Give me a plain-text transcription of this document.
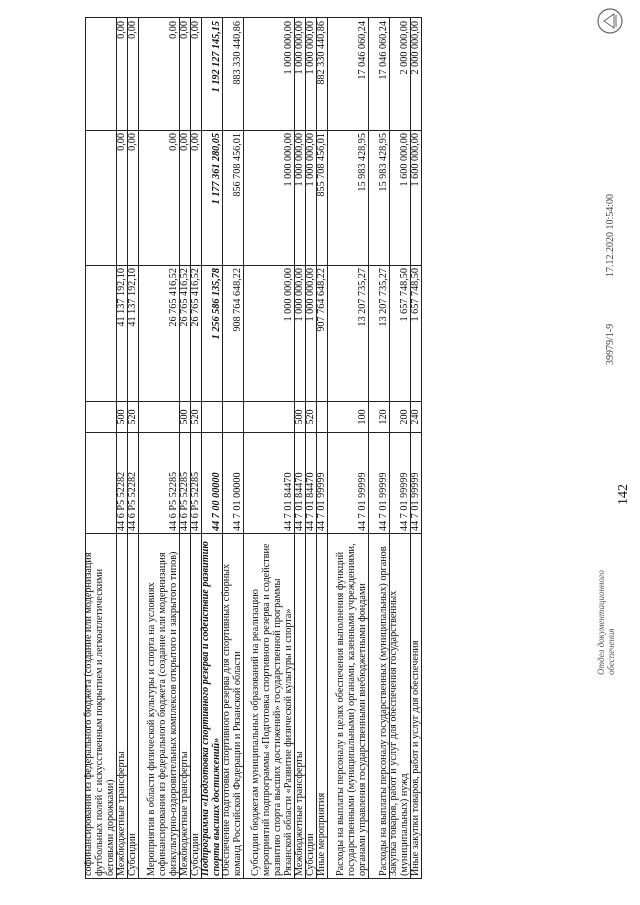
софинансирования из федерального бюджета (создание или модернизация футбольных полей с искусственным покрытием и легкоатлетическими беговыми дорожками) Межбюджетные трансферты
44 6 P5 52282
500
41 137 192,10
0,00
0,00
Субсидии
44 6 P5 52282
520
41 137 192,10
0,00
0,00
Мероприятия в области физической культуры и спорта на условиях софинансирования из федерального бюджета (создание или модернизация физкультурно-оздоровительных комплексов открытого и закрытого типов)
44 6 P5 52285
26 765 416,52
0,00
0,00
Межбюджетные трансферты
44 6 P5 52285
500
26 765 416,52
0,00
0,00
Субсидии
44 6 P5 52285
520
26 765 416,52
0,00
0,00
Подпрограмма «Подготовка спортивного резерва и содействие развитию спорта высших достижений»
44 7 00 00000
1 256 586 135,78
1 177 361 280,05
1 192 127 145,15
Обеспечение подготовки спортивного резерва для спортивных сборных команд Российской Федерации и Рязанской области
44 7 01 00000
908 764 648,22
856 708 456,01
883 330 440,86
Субсидии бюджетам муниципальных образований на реализацию мероприятий подпрограммы «Подготовка спортивного резерва и содействие развитию спорта высших достижений» государственной программы Рязанской области «Развитие физической культуры и спорта»
44 7 01 84470
1 000 000,00
1 000 000,00
1 000 000,00
Межбюджетные трансферты
44 7 01 84470
500
1 000 000,00
1 000 000,00
1 000 000,00
Субсидии
44 7 01 84470
520
1 000 000,00
1 000 000,00
1 000 000,00
Иные мероприятия
44 7 01 99999
907 764 648,22
855 708 456,01
882 330 440,86
Расходы на выплаты персоналу в целях обеспечения выполнения функций государственными (муниципальными) органами, казенными учреждениями, органами управления государственными внебюджетными фондами
44 7 01 99999
100
13 207 735,27
15 983 428,95
17 046 060,24
Расходы на выплаты персоналу государственных (муниципальных) органов
44 7 01 99999
120
13 207 735,27
15 983 428,95
17 046 060,24
Закупка товаров, работ и услуг для обеспечения государственных (муниципальных) нужд
44 7 01 99999
200
1 657 748,50
1 600 000,00
2 000 000,00
Иные закупки товаров, работ и услуг для обеспечения
44 7 01 99999
240
1 657 748,50
1 600 000,00
2 000 000,00
142
17.12.2020 10:54:00
39979/1-9
Отдел документационного обеспечения
